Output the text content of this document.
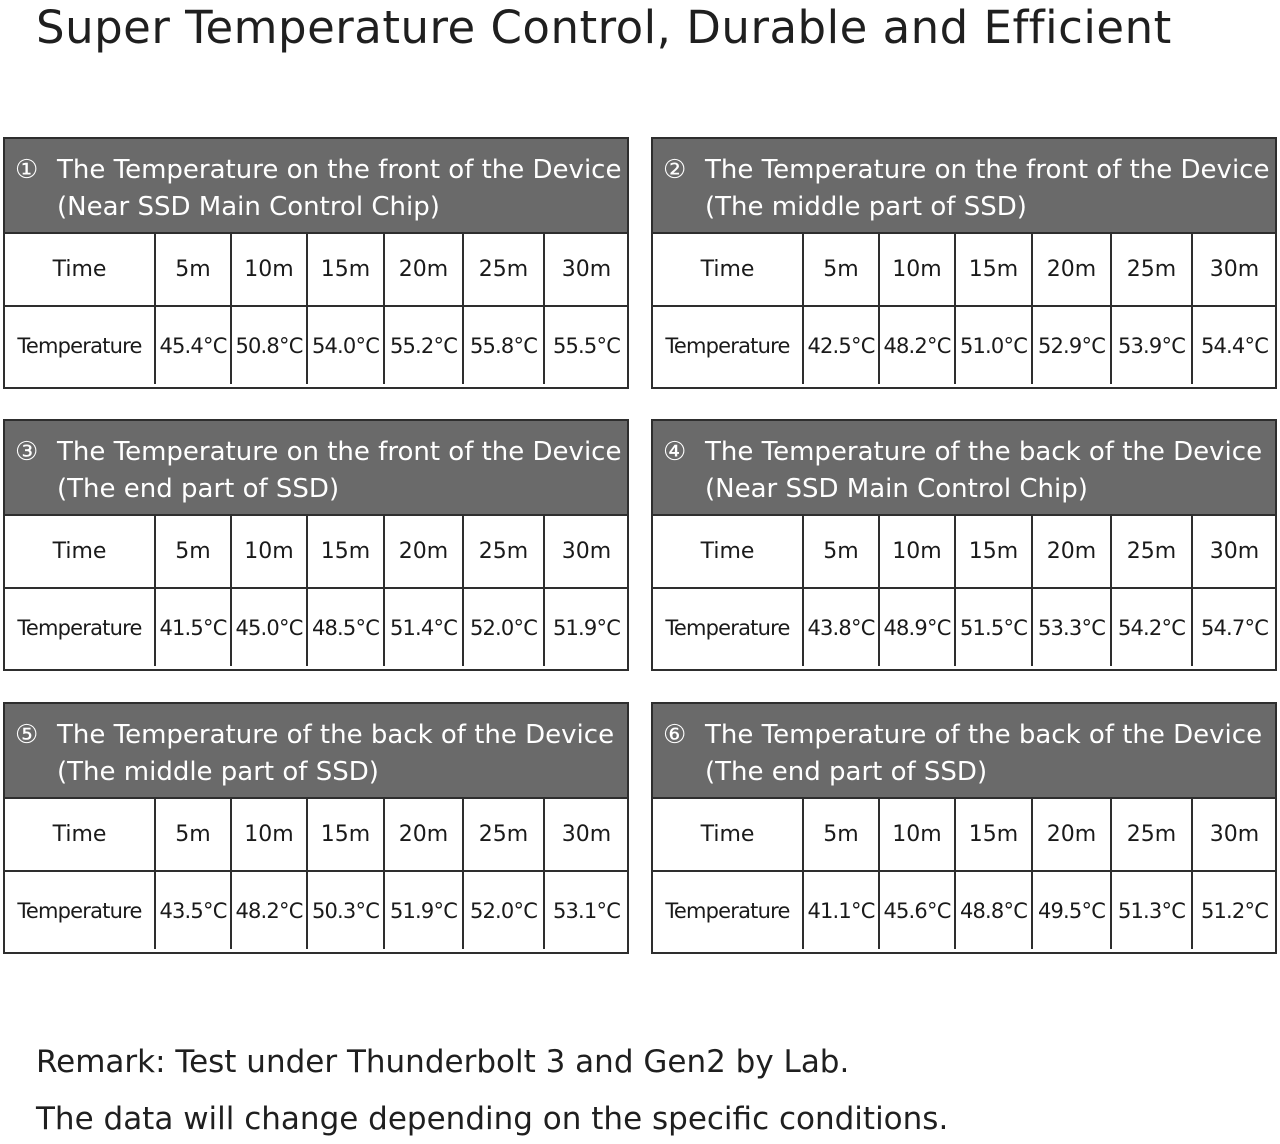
Super Temperature Control, Durable and Efficient
① The Temperature on the front of the Device
(Near SSD Main Control Chip)
Time	5m	10m	15m	20m	25m	30m
Temperature	45.4°C	50.8°C	54.0°C	55.2°C	55.8°C	55.5°C
② The Temperature on the front of the Device
(The middle part of SSD)
Time	5m	10m	15m	20m	25m	30m
Temperature	42.5°C	48.2°C	51.0°C	52.9°C	53.9°C	54.4°C
③ The Temperature on the front of the Device
(The end part of SSD)
Time	5m	10m	15m	20m	25m	30m
Temperature	41.5°C	45.0°C	48.5°C	51.4°C	52.0°C	51.9°C
④ The Temperature of the back of the Device
(Near SSD Main Control Chip)
Time	5m	10m	15m	20m	25m	30m
Temperature	43.8°C	48.9°C	51.5°C	53.3°C	54.2°C	54.7°C
⑤ The Temperature of the back of the Device
(The middle part of SSD)
Time	5m	10m	15m	20m	25m	30m
Temperature	43.5°C	48.2°C	50.3°C	51.9°C	52.0°C	53.1°C
⑥ The Temperature of the back of the Device
(The end part of SSD)
Time	5m	10m	15m	20m	25m	30m
Temperature	41.1°C	45.6°C	48.8°C	49.5°C	51.3°C	51.2°C
Remark: Test under Thunderbolt 3 and Gen2 by Lab.
The data will change depending on the specific conditions.
